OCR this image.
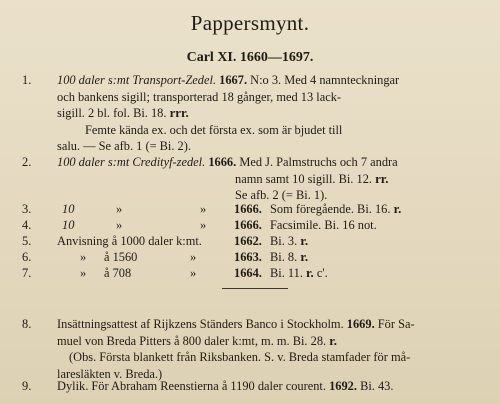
Pappersmynt.
Carl XI. 1660—1697.
1.	100 daler s:mt Transport-Zedel. 1667. N:o 3. Med 4 namnteckningar
och bankens sigill; transporterad 18 gånger, med 13 lack-
sigill. 2 bl. fol. Bi. 18. rrr.
Femte kända ex. och det första ex. som är bjudet till
salu. — Se afb. 1 (= Bi. 2).
2.	100 daler s:mt Credityf-zedel. 1666. Med J. Palmstruchs och 7 andra
namn samt 10 sigill. Bi. 12. rr.
Se afb. 2 (= Bi. 1).
3.	10	»	» 1666. Som föregående. Bi. 16. r.
4.	10	»	» 1666. Facsimile. Bi. 16 not.
5.	Anvisning å 1000 daler k:mt.	1662. Bi. 3. r.
6.	» å 1560	»	1663. Bi. 8. r.
7.	» å 708	»	1664. Bi. 11. r. c'.
8.	Insättningsattest af Rijkzens Ständers Banco i Stockholm. 1669. För Sa-
muel von Breda Pitters å 800 daler k:mt, m. m. Bi. 28. r.
(Obs. Första blankett från Riksbanken. S. v. Breda stamfader för må-
laresläkten v. Breda.)
9.	Dylik. För Abraham Reenstierna å 1190 daler courent. 1692. Bi. 43.
